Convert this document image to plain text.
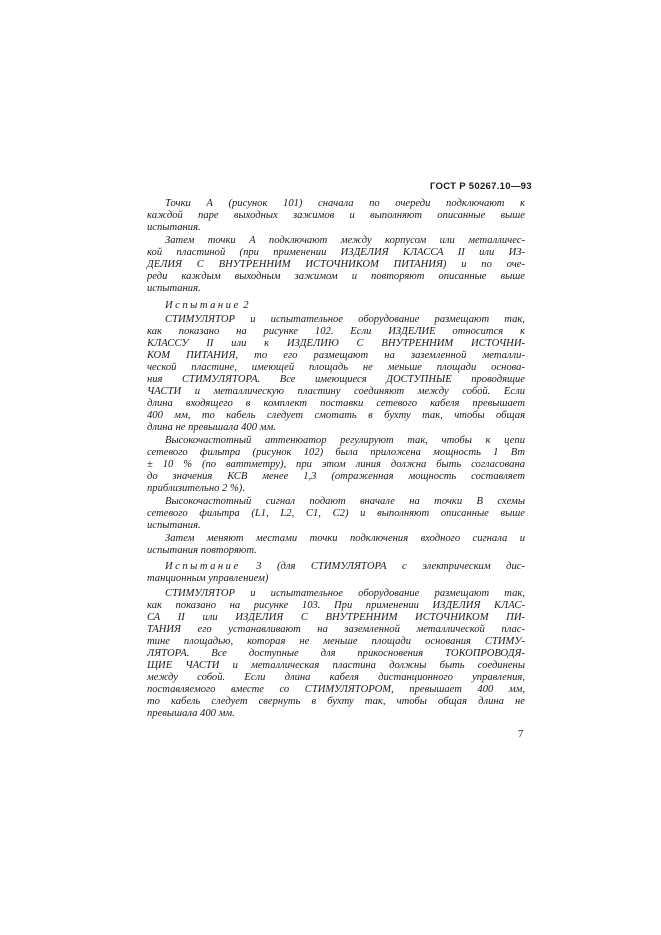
ГОСТ Р 50267.10—93
Точки А (рисунок 101) сначала по очереди подключают к
каждой паре выходных зажимов и выполняют описанные выше
испытания.
Затем точки А подключают между корпусом или металличес-
кой пластиной (при применении ИЗДЕЛИЯ КЛАССА II или ИЗ-
ДЕЛИЯ С ВНУТРЕННИМ ИСТОЧНИКОМ ПИТАНИЯ) и по оче-
реди каждым выходным зажимом и повторяют описанные выше
испытания.
Испытание 2
СТИМУЛЯТОР и испытательное оборудование размещают так,
как показано на рисунке 102. Если ИЗДЕЛИЕ относится к
КЛАССУ II или к ИЗДЕЛИЮ С ВНУТРЕННИМ ИСТОЧНИ-
КОМ ПИТАНИЯ, то его размещают на заземленной металли-
ческой пластине, имеющей площадь не меньше площади основа-
ния СТИМУЛЯТОРА. Все имеющиеся ДОСТУПНЫЕ проводящие
ЧАСТИ и металлическую пластину соединяют между собой. Если
длина входящего в комплект поставки сетевого кабеля превышает
400 мм, то кабель следует смотать в бухту так, чтобы общая
длина не превышала 400 мм.
Высокочастотный аттенюатор регулируют так, чтобы к цепи
сетевого фильтра (рисунок 102) была приложена мощность 1 Вт
± 10 % (по ваттметру), при этом линия должна быть согласована
до значения КСВ менее 1,3 (отраженная мощность составляет
приблизительно 2 %).
Высокочастотный сигнал подают вначале на точки В схемы
сетевого фильтра (L1, L2, C1, C2) и выполняют описанные выше
испытания.
Затем меняют местами точки подключения входного сигнала и
испытания повторяют.
Испытание 3 (для СТИМУЛЯТОРА с электрическим дис-
танционным управлением)
СТИМУЛЯТОР и испытательное оборудование размещают так,
как показано на рисунке 103. При применении ИЗДЕЛИЯ КЛАС-
СА II или ИЗДЕЛИЯ С ВНУТРЕННИМ ИСТОЧНИКОМ ПИ-
ТАНИЯ его устанавливают на заземленной металлической плас-
тине площадью, которая не меньше площади основания СТИМУ-
ЛЯТОРА. Все доступные для прикосновения ТОКОПРОВОДЯ-
ЩИЕ ЧАСТИ и металлическая пластина должны быть соединены
между собой. Если длина кабеля дистанционного управления,
поставляемого вместе со СТИМУЛЯТОРОМ, превышает 400 мм,
то кабель следует свернуть в бухту так, чтобы общая длина не
превышала 400 мм.
7
